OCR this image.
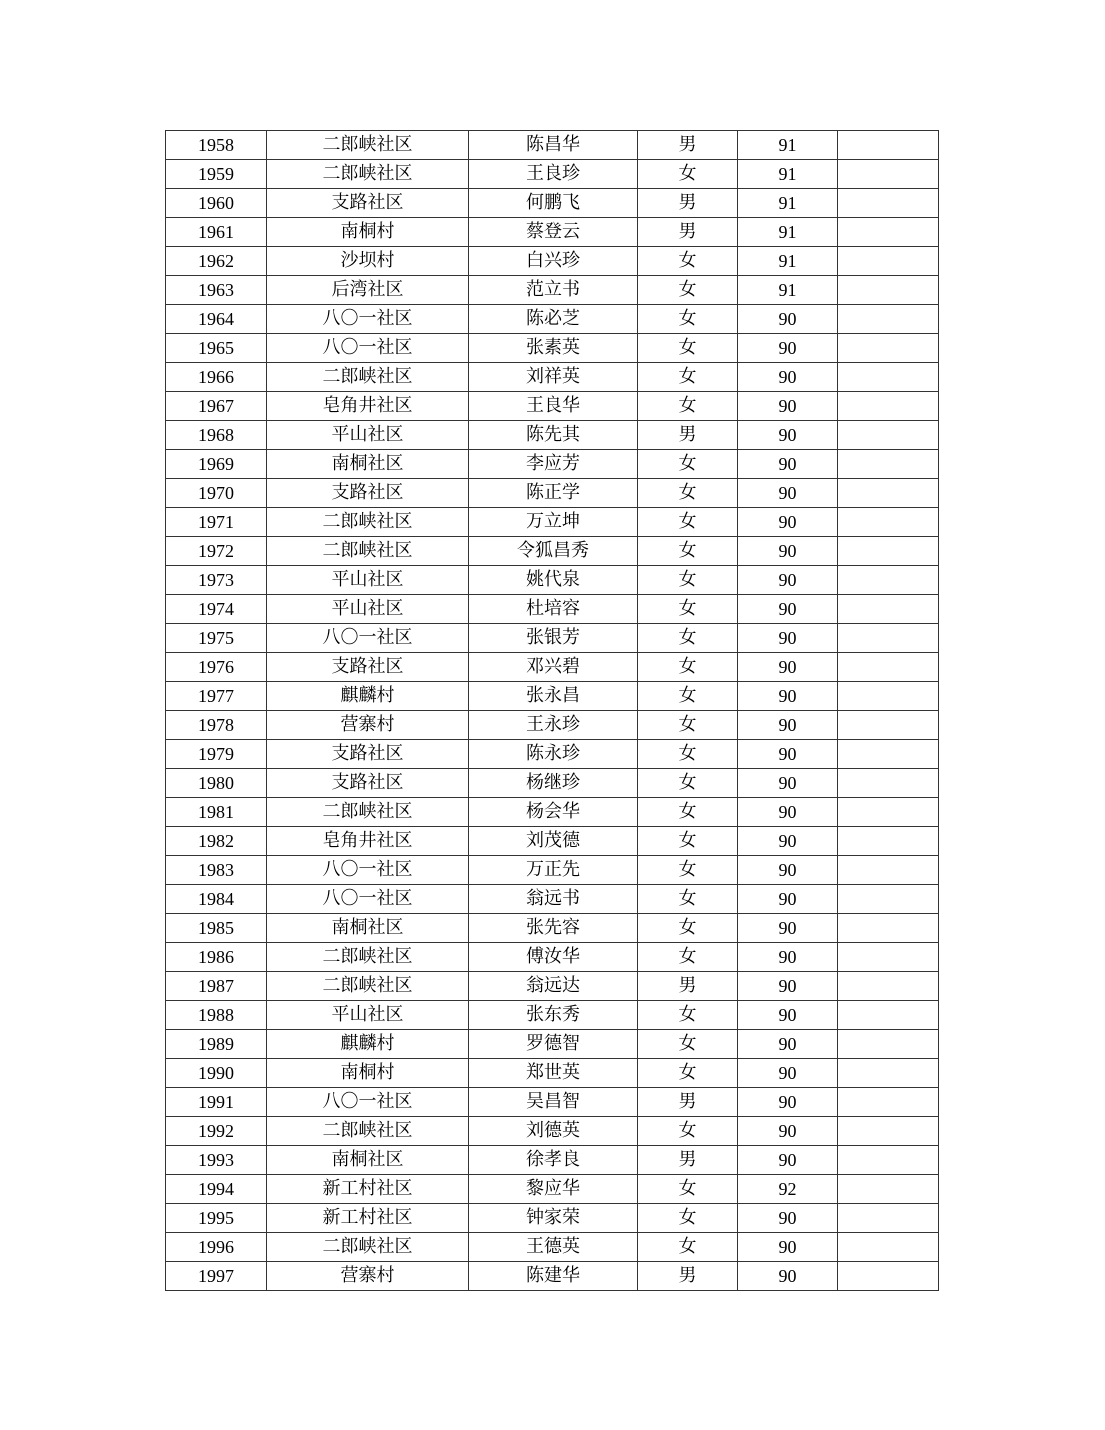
1958	二郎峡社区	陈昌华	男	91	
1959	二郎峡社区	王良珍	女	91	
1960	支路社区	何鹏飞	男	91	
1961	南桐村	蔡登云	男	91	
1962	沙坝村	白兴珍	女	91	
1963	后湾社区	范立书	女	91	
1964	八〇一社区	陈必芝	女	90	
1965	八〇一社区	张素英	女	90	
1966	二郎峡社区	刘祥英	女	90	
1967	皂角井社区	王良华	女	90	
1968	平山社区	陈先其	男	90	
1969	南桐社区	李应芳	女	90	
1970	支路社区	陈正学	女	90	
1971	二郎峡社区	万立坤	女	90	
1972	二郎峡社区	令狐昌秀	女	90	
1973	平山社区	姚代泉	女	90	
1974	平山社区	杜培容	女	90	
1975	八〇一社区	张银芳	女	90	
1976	支路社区	邓兴碧	女	90	
1977	麒麟村	张永昌	女	90	
1978	营寨村	王永珍	女	90	
1979	支路社区	陈永珍	女	90	
1980	支路社区	杨继珍	女	90	
1981	二郎峡社区	杨会华	女	90	
1982	皂角井社区	刘茂德	女	90	
1983	八〇一社区	万正先	女	90	
1984	八〇一社区	翁远书	女	90	
1985	南桐社区	张先容	女	90	
1986	二郎峡社区	傅汝华	女	90	
1987	二郎峡社区	翁远达	男	90	
1988	平山社区	张东秀	女	90	
1989	麒麟村	罗德智	女	90	
1990	南桐村	郑世英	女	90	
1991	八〇一社区	吴昌智	男	90	
1992	二郎峡社区	刘德英	女	90	
1993	南桐社区	徐孝良	男	90	
1994	新工村社区	黎应华	女	92	
1995	新工村社区	钟家荣	女	90	
1996	二郎峡社区	王德英	女	90	
1997	营寨村	陈建华	男	90	
